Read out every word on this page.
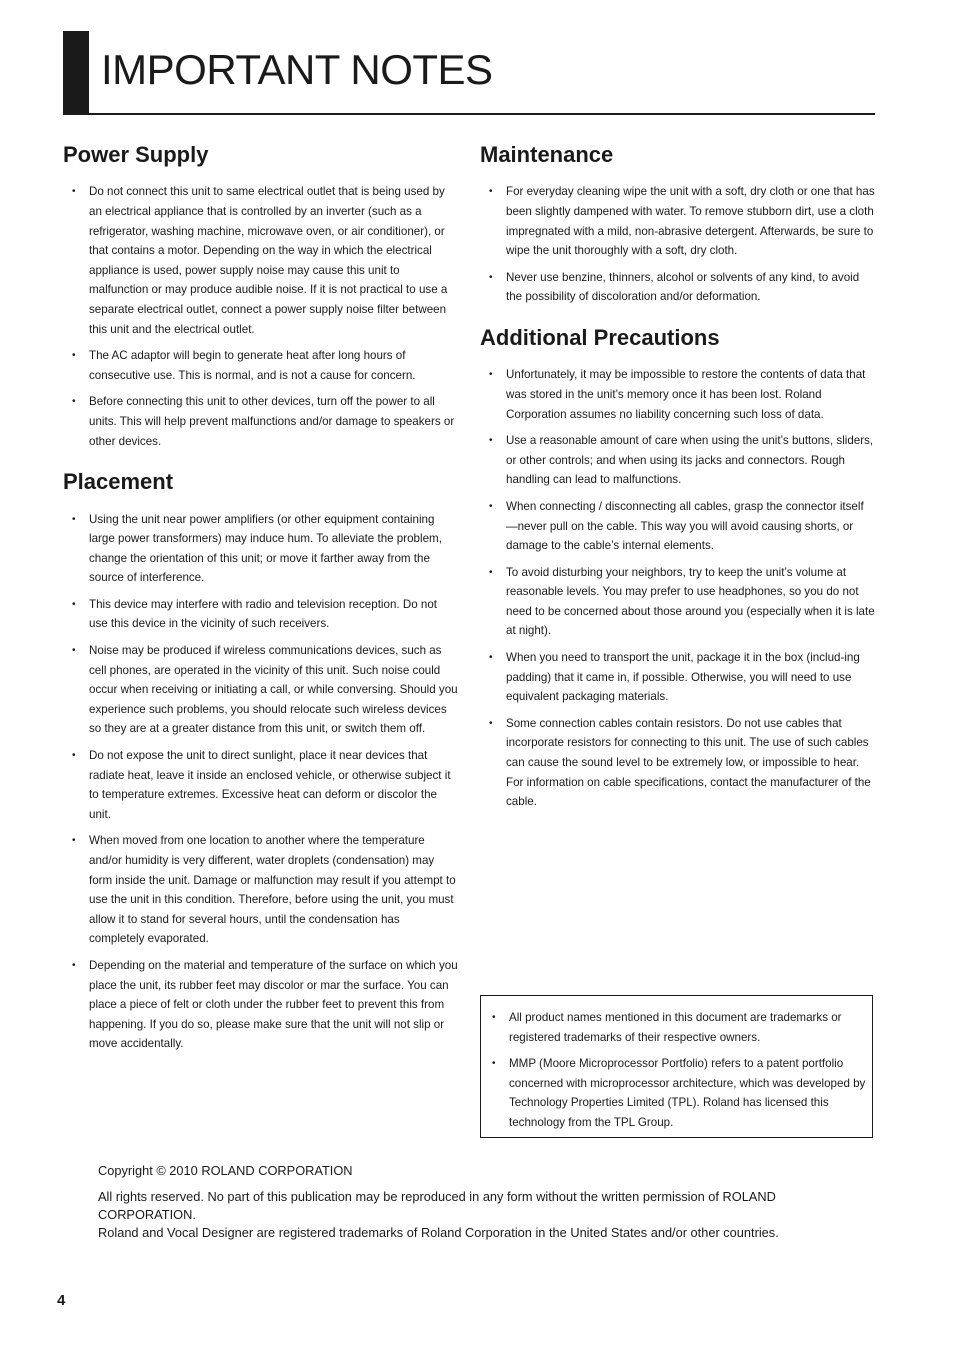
IMPORTANT NOTES
Power Supply
• Do not connect this unit to same electrical outlet that is being used by an electrical appliance that is controlled by an inverter (such as a refrigerator, washing machine, microwave oven, or air conditioner), or that contains a motor. Depending on the way in which the electrical appliance is used, power supply noise may cause this unit to malfunction or may produce audible noise. If it is not practical to use a separate electrical outlet, connect a power supply noise filter between this unit and the electrical outlet.
• The AC adaptor will begin to generate heat after long hours of consecutive use. This is normal, and is not a cause for concern.
• Before connecting this unit to other devices, turn off the power to all units. This will help prevent malfunctions and/or damage to speakers or other devices.
Placement
• Using the unit near power amplifiers (or other equipment containing large power transformers) may induce hum. To alleviate the problem, change the orientation of this unit; or move it farther away from the source of interference.
• This device may interfere with radio and television reception. Do not use this device in the vicinity of such receivers.
• Noise may be produced if wireless communications devices, such as cell phones, are operated in the vicinity of this unit. Such noise could occur when receiving or initiating a call, or while conversing. Should you experience such problems, you should relocate such wireless devices so they are at a greater distance from this unit, or switch them off.
• Do not expose the unit to direct sunlight, place it near devices that radiate heat, leave it inside an enclosed vehicle, or otherwise subject it to temperature extremes. Excessive heat can deform or discolor the unit.
• When moved from one location to another where the temperature and/or humidity is very different, water droplets (condensation) may form inside the unit. Damage or malfunction may result if you attempt to use the unit in this condition. Therefore, before using the unit, you must allow it to stand for several hours, until the condensation has completely evaporated.
• Depending on the material and temperature of the surface on which you place the unit, its rubber feet may discolor or mar the surface. You can place a piece of felt or cloth under the rubber feet to prevent this from happening. If you do so, please make sure that the unit will not slip or move accidentally.
Maintenance
• For everyday cleaning wipe the unit with a soft, dry cloth or one that has been slightly dampened with water. To remove stubborn dirt, use a cloth impregnated with a mild, non-abrasive detergent. Afterwards, be sure to wipe the unit thoroughly with a soft, dry cloth.
• Never use benzine, thinners, alcohol or solvents of any kind, to avoid the possibility of discoloration and/or deformation.
Additional Precautions
• Unfortunately, it may be impossible to restore the contents of data that was stored in the unit’s memory once it has been lost. Roland Corporation assumes no liability concerning such loss of data.
• Use a reasonable amount of care when using the unit’s buttons, sliders, or other controls; and when using its jacks and connectors. Rough handling can lead to malfunctions.
• When connecting / disconnecting all cables, grasp the connector itself—never pull on the cable. This way you will avoid causing shorts, or damage to the cable’s internal elements.
• To avoid disturbing your neighbors, try to keep the unit’s volume at reasonable levels. You may prefer to use headphones, so you do not need to be concerned about those around you (especially when it is late at night).
• When you need to transport the unit, package it in the box (includ-ing padding) that it came in, if possible. Otherwise, you will need to use equivalent packaging materials.
• Some connection cables contain resistors. Do not use cables that incorporate resistors for connecting to this unit. The use of such cables can cause the sound level to be extremely low, or impossible to hear. For information on cable specifications, contact the manufacturer of the cable.
• All product names mentioned in this document are trademarks or registered trademarks of their respective owners.
• MMP (Moore Microprocessor Portfolio) refers to a patent portfolio concerned with microprocessor architecture, which was developed by Technology Properties Limited (TPL). Roland has licensed this technology from the TPL Group.

Copyright © 2010 ROLAND CORPORATION

All rights reserved. No part of this publication may be reproduced in any form without the written permission of ROLAND CORPORATION.

Roland and Vocal Designer are registered trademarks of Roland Corporation in the United States and/or other countries.

4
